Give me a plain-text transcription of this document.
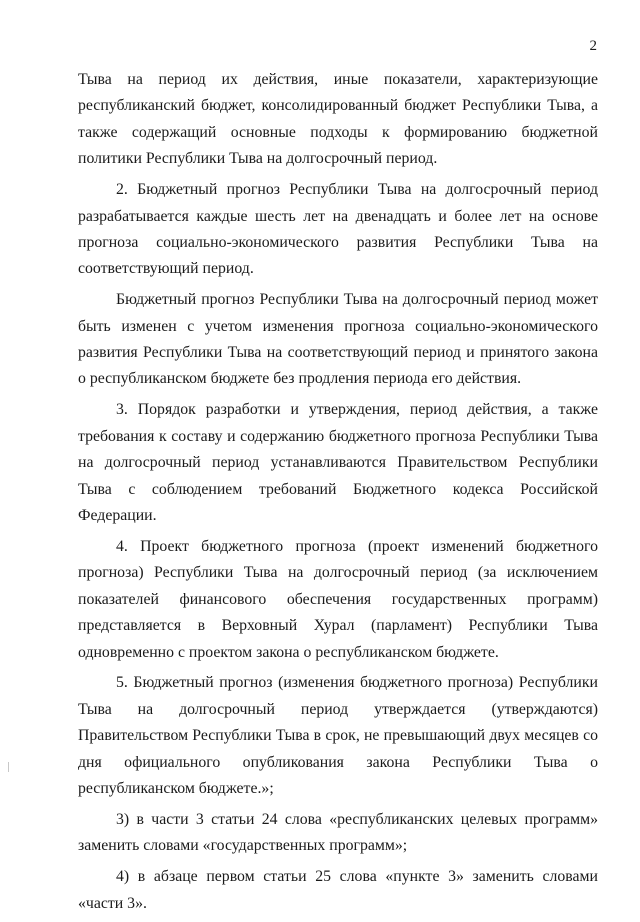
2

Тыва на период их действия, иные показатели, характеризующие республиканский бюджет, консолидированный бюджет Республики Тыва, а также содержащий основные подходы к формированию бюджетной политики Республики Тыва на долгосрочный период.

2. Бюджетный прогноз Республики Тыва на долгосрочный период разрабатывается каждые шесть лет на двенадцать и более лет на основе прогноза социально-экономического развития Республики Тыва на соответствующий период.

Бюджетный прогноз Республики Тыва на долгосрочный период может быть изменен с учетом изменения прогноза социально-экономического развития Республики Тыва на соответствующий период и принятого закона о республиканском бюджете без продления периода его действия.

3. Порядок разработки и утверждения, период действия, а также требования к составу и содержанию бюджетного прогноза Республики Тыва на долгосрочный период устанавливаются Правительством Республики Тыва с соблюдением требований Бюджетного кодекса Российской Федерации.

4. Проект бюджетного прогноза (проект изменений бюджетного прогноза) Республики Тыва на долгосрочный период (за исключением показателей финансового обеспечения государственных программ) представляется в Верховный Хурал (парламент) Республики Тыва одновременно с проектом закона о республиканском бюджете.

5. Бюджетный прогноз (изменения бюджетного прогноза) Республики Тыва на долгосрочный период утверждается (утверждаются) Правительством Республики Тыва в срок, не превышающий двух месяцев со дня официального опубликования закона Республики Тыва о республиканском бюджете.»;

3) в части 3 статьи 24 слова «республиканских целевых программ» заменить словами «государственных программ»;

4) в абзаце первом статьи 25 слова «пункте 3» заменить словами «части 3».
